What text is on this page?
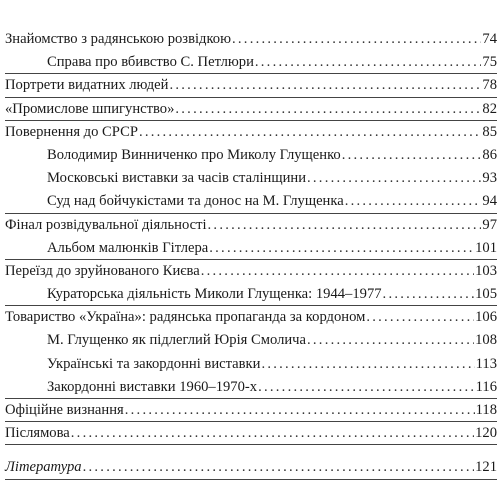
Знайомство з радянською розвідкою . . .	74
Справа про вбивство С. Петлюри . . .	75
Портрети видатних людей . . .	78
«Промислове шпигунство» . . .	82
Повернення до СРСР . . .	85
Володимир Винниченко про Миколу Глущенко . . .	86
Московські виставки за часів сталінщини . . .	93
Суд над бойчукістами та донос на М. Глущенка . . .	94
Фінал розвідувальної діяльності . . .	97
Альбом малюнків Гітлера . . .	101
Переїзд до зруйнованого Києва . . .	103
Кураторська діяльність Миколи Глущенка: 1944–1977 . . .	105
Товариство «Україна»: радянська пропаганда за кордоном . . .	106
М. Глущенко як підлеглий Юрія Смолича . . .	108
Українські та закордонні виставки . . .	113
Закордонні виставки 1960–1970-х . . .	116
Офіційне визнання . . .	118
Післямова . . .	120
Література . . .	121
